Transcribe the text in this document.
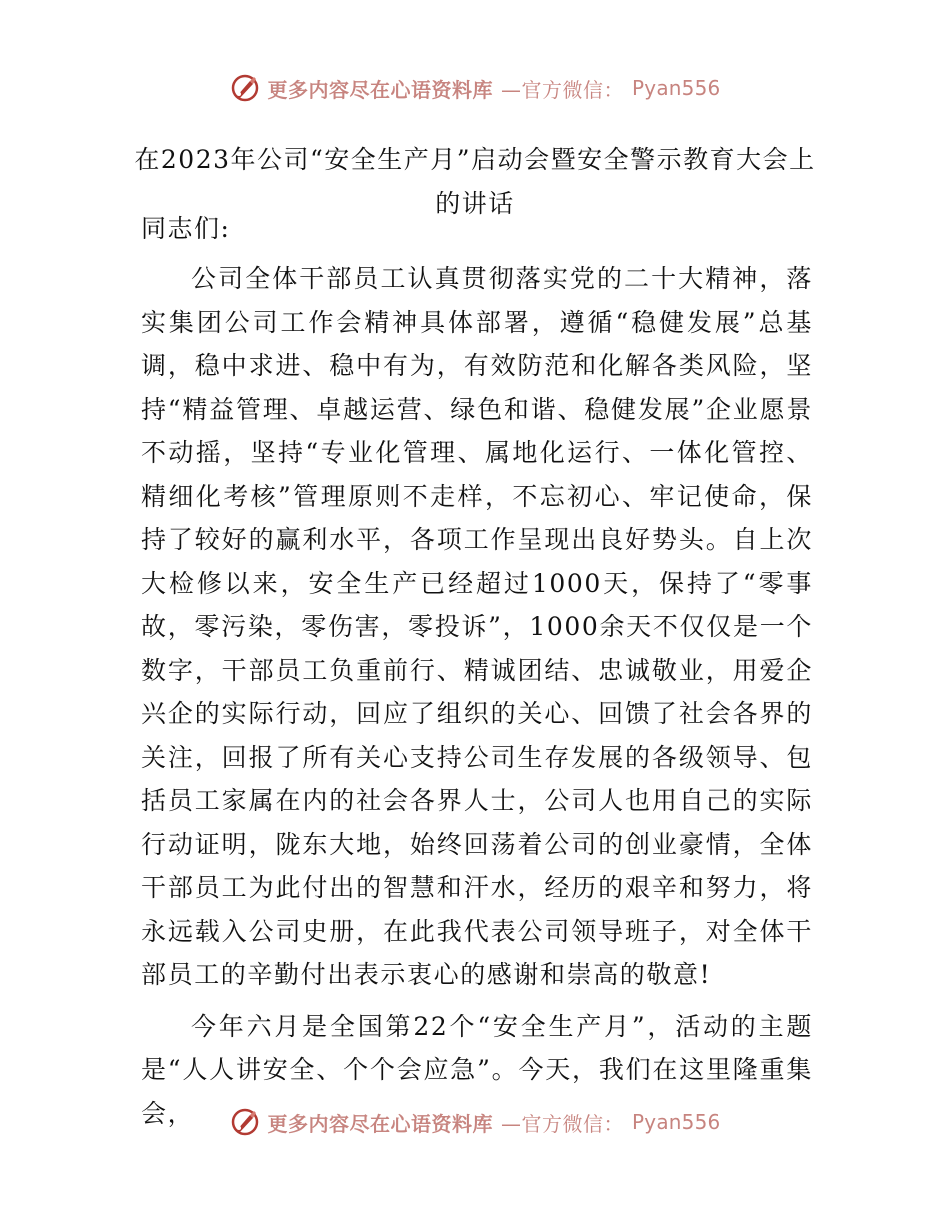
更多内容尽在心语资料库 —官方微信： Pyan556
在2023年公司“安全生产月”启动会暨安全警示教育大会上
的讲话
同志们:

公司全体干部员工认真贯彻落实党的二十大精神，落实集团公司工作会精神具体部署，遵循“稳健发展”总基调，稳中求进、稳中有为，有效防范和化解各类风险，坚持“精益管理、卓越运营、绿色和谐、稳健发展”企业愿景不动摇，坚持“专业化管理、属地化运行、一体化管控、精细化考核”管理原则不走样，不忘初心、牢记使命，保持了较好的赢利水平，各项工作呈现出良好势头。自上次大检修以来，安全生产已经超过1000天，保持了“零事故，零污染，零伤害，零投诉”，1000余天不仅仅是一个数字，干部员工负重前行、精诚团结、忠诚敬业，用爱企兴企的实际行动，回应了组织的关心、回馈了社会各界的关注，回报了所有关心支持公司生存发展的各级领导、包括员工家属在内的社会各界人士，公司人也用自己的实际行动证明，陇东大地，始终回荡着公司的创业豪情，全体干部员工为此付出的智慧和汗水，经历的艰辛和努力，将永远载入公司史册，在此我代表公司领导班子，对全体干部员工的辛勤付出表示衷心的感谢和崇高的敬意!

今年六月是全国第22个“安全生产月”，活动的主题是“人人讲安全、个个会应急”。今天，我们在这里隆重集会，	更多内容尽在心语资料库 —官方微信： Pyan556
